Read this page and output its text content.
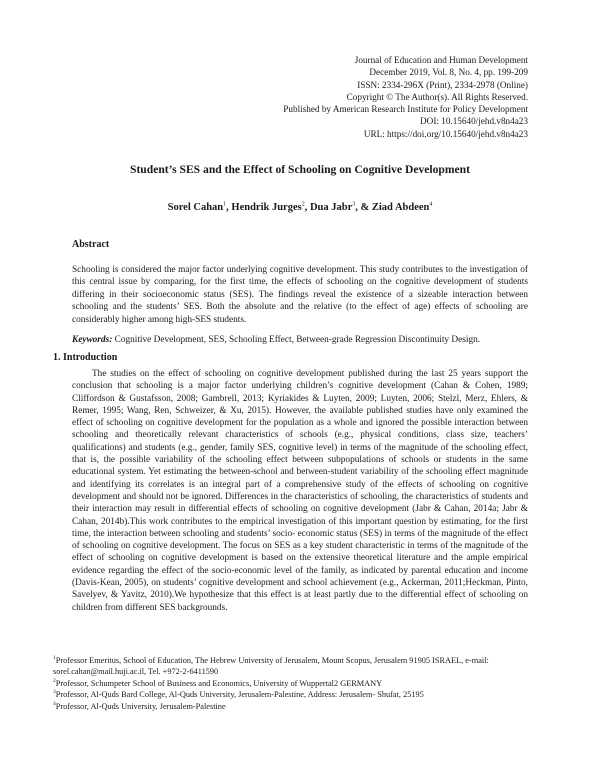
Journal of Education and Human Development
December 2019, Vol. 8, No. 4, pp. 199-209
ISSN: 2334-296X (Print), 2334-2978 (Online)
Copyright © The Author(s). All Rights Reserved.
Published by American Research Institute for Policy Development
DOI: 10.15640/jehd.v8n4a23
URL: https://doi.org/10.15640/jehd.v8n4a23
Student’s SES and the Effect of Schooling on Cognitive Development
Sorel Cahan$^1$, Hendrik Jurges$^2$, Dua Jabr$^3$, & Ziad Abdeen$^4$
Abstract
Schooling is considered the major factor underlying cognitive development. This study contributes to the investigation of this central issue by comparing, for the first time, the effects of schooling on the cognitive development of students differing in their socioeconomic status (SES). The findings reveal the existence of a sizeable interaction between schooling and the students’ SES. Both the absolute and the relative (to the effect of age) effects of schooling are considerably higher among high-SES students.
Keywords: Cognitive Development, SES, Schooling Effect, Between-grade Regression Discontinuity Design.
1. Introduction
The studies on the effect of schooling on cognitive development published during the last 25 years support the conclusion that schooling is a major factor underlying children’s cognitive development (Cahan & Cohen, 1989; Cliffordson & Gustafsson, 2008; Gambrell, 2013; Kyriakides & Luyten, 2009; Luyten, 2006; Stelzl, Merz, Ehlers, & Remer, 1995; Wang, Ren, Schweizer, & Xu, 2015). However, the available published studies have only examined the effect of schooling on cognitive development for the population as a whole and ignored the possible interaction between schooling and theoretically relevant characteristics of schools (e.g., physical conditions, class size, teachers’ qualifications) and students (e.g., gender, family SES, cognitive level) in terms of the magnitude of the schooling effect, that is, the possible variability of the schooling effect between subpopulations of schools or students in the same educational system. Yet estimating the between-school and between-student variability of the schooling effect magnitude and identifying its correlates is an integral part of a comprehensive study of the effects of schooling on cognitive development and should not be ignored. Differences in the characteristics of schooling, the characteristics of students and their interaction may result in differential effects of schooling on cognitive development (Jabr & Cahan, 2014a; Jabr & Cahan, 2014b).This work contributes to the empirical investigation of this important question by estimating, for the first time, the interaction between schooling and students’ socio- economic status (SES) in terms of the magnitude of the effect of schooling on cognitive development. The focus on SES as a key student characteristic in terms of the magnitude of the effect of schooling on cognitive development is based on the extensive theoretical literature and the ample empirical evidence regarding the effect of the socio-economic level of the family, as indicated by parental education and income (Davis-Kean, 2005), on students’ cognitive development and school achievement (e.g., Ackerman, 2011;Heckman, Pinto, Savelyev, & Yavitz, 2010).We hypothesize that this effect is at least partly due to the differential effect of schooling on children from different SES backgrounds.
$^1$Professor Emeritus, School of Education, The Hebrew University of Jerusalem, Mount Scopus, Jerusalem 91905 ISRAEL, e-mail: sorel.cahan@mail.huji.ac.il, Tel. +972-2-6411590
$^2$Professor, Schumpeter School of Business and Economics, University of Wuppertal2 GERMANY
$^3$Professor, Al-Quds Bard College, Al-Quds University, Jerusalem-Palestine, Address: Jerusalem- Shufat, 25195
$^4$Professor, Al-Quds University, Jerusalem-Palestine
